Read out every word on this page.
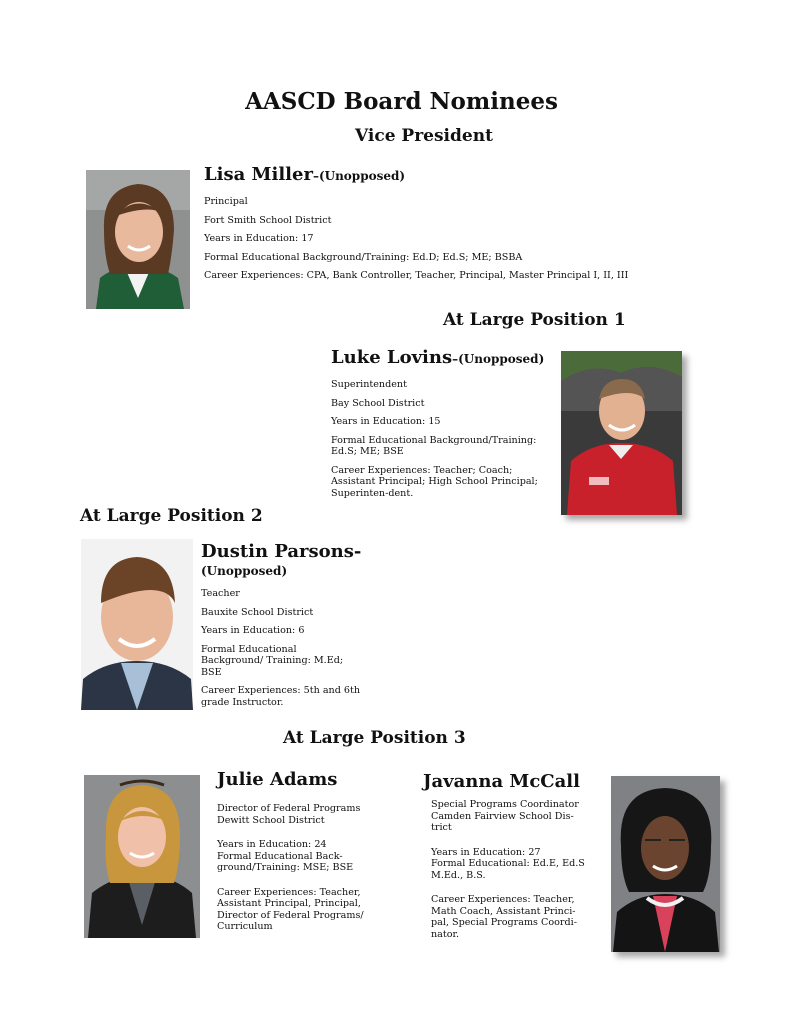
AASCD Board Nominees
Vice President
Lisa Miller–(Unopposed)
Principal
Fort Smith School District
Years in Education: 17
Formal Educational Background/Training: Ed.D; Ed.S; ME; BSBA
Career Experiences: CPA, Bank Controller, Teacher, Principal, Master Principal I, II, III
At Large Position 1
Luke Lovins–(Unopposed)
Superintendent
Bay School District
Years in Education: 15
Formal Educational Background/Training: Ed.S; ME; BSE
Career Experiences: Teacher; Coach; Assistant Principal; High School Principal; Superinten-dent.
At Large Position 2
Dustin Parsons-
(Unopposed)
Teacher
Bauxite School District
Years in Education: 6
Formal Educational Background/ Training: M.Ed; BSE
Career Experiences: 5th and 6th grade Instructor.
At Large Position 3
Julie Adams
Director of Federal Programs
Dewitt School District
Years in Education: 24
Formal Educational Back-ground/Training: MSE; BSE
Career Experiences: Teacher, Assistant Principal, Principal, Director of Federal Programs/ Curriculum
Javanna McCall
Special Programs Coordinator
Camden Fairview School Dis-trict
Years in Education: 27
Formal Educational: Ed.E, Ed.S M.Ed., B.S.
Career Experiences: Teacher, Math Coach, Assistant Princi-pal, Special Programs Coordi-nator.
